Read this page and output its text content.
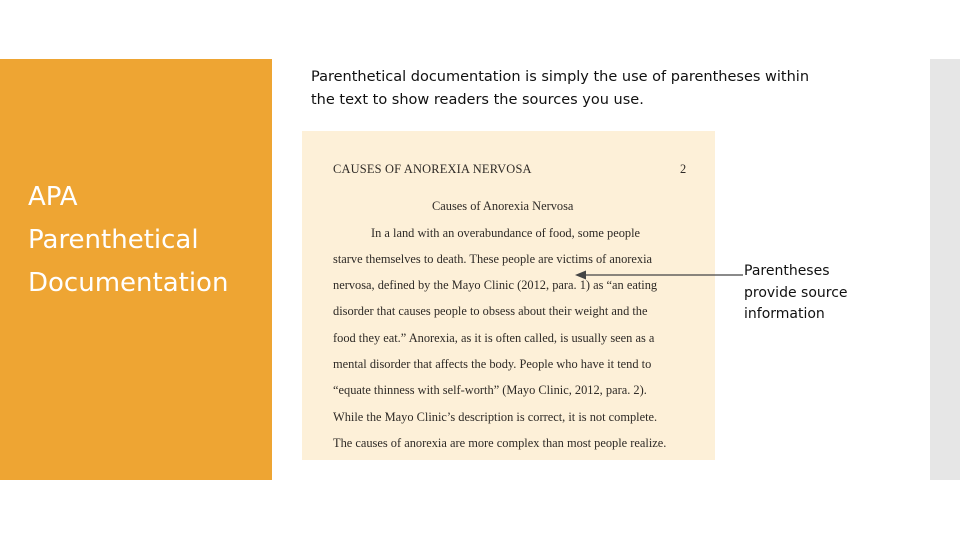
APA
Parenthetical
Documentation

Parenthetical documentation is simply the use of parentheses within
the text to show readers the sources you use.

CAUSES OF ANOREXIA NERVOSA	2
Causes of Anorexia Nervosa
In a land with an overabundance of food, some people
starve themselves to death. These people are victims of anorexia
nervosa, defined by the Mayo Clinic (2012, para. 1) as “an eating
disorder that causes people to obsess about their weight and the
food they eat.” Anorexia, as it is often called, is usually seen as a
mental disorder that affects the body. People who have it tend to
“equate thinness with self-worth” (Mayo Clinic, 2012, para. 2).
While the Mayo Clinic’s description is correct, it is not complete.
The causes of anorexia are more complex than most people realize.

Parentheses
provide source
information
